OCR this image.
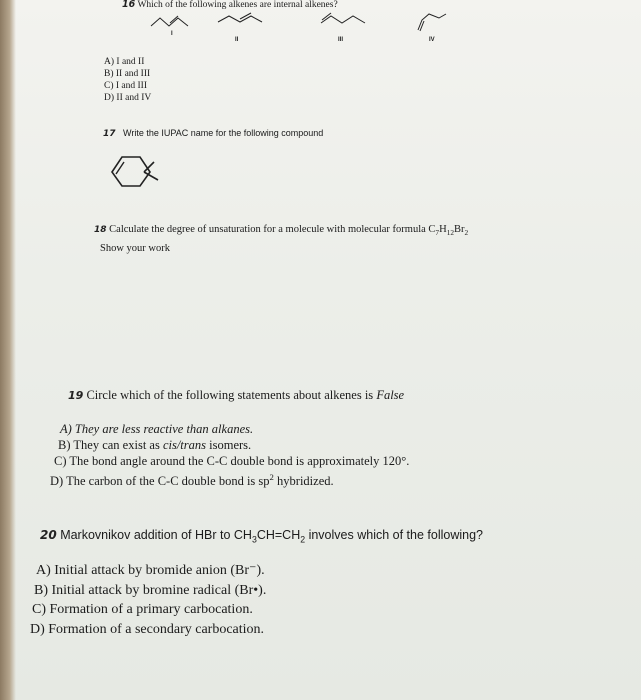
16 Which of the following alkenes are internal alkenes?
I
II	III	IV
A) I and II
B) II and III
C) I and III
D) II and IV
17 Write the IUPAC name for the following compound
18 Calculate the degree of unsaturation for a molecule with molecular formula $C_7H_{12}Br_2$
Show your work
19 Circle which of the following statements about alkenes is False
A) They are less reactive than alkanes.
B) They can exist as cis/trans isomers.
C) The bond angle around the C-C double bond is approximately 120°.
D) The carbon of the C-C double bond is $sp^2$ hybridized.
20 Markovnikov addition of HBr to $CH_3CH=CH_2$ involves which of the following?
A) Initial attack by bromide anion (Br⁻).
B) Initial attack by bromine radical (Br•).
C) Formation of a primary carbocation.
D) Formation of a secondary carbocation.
